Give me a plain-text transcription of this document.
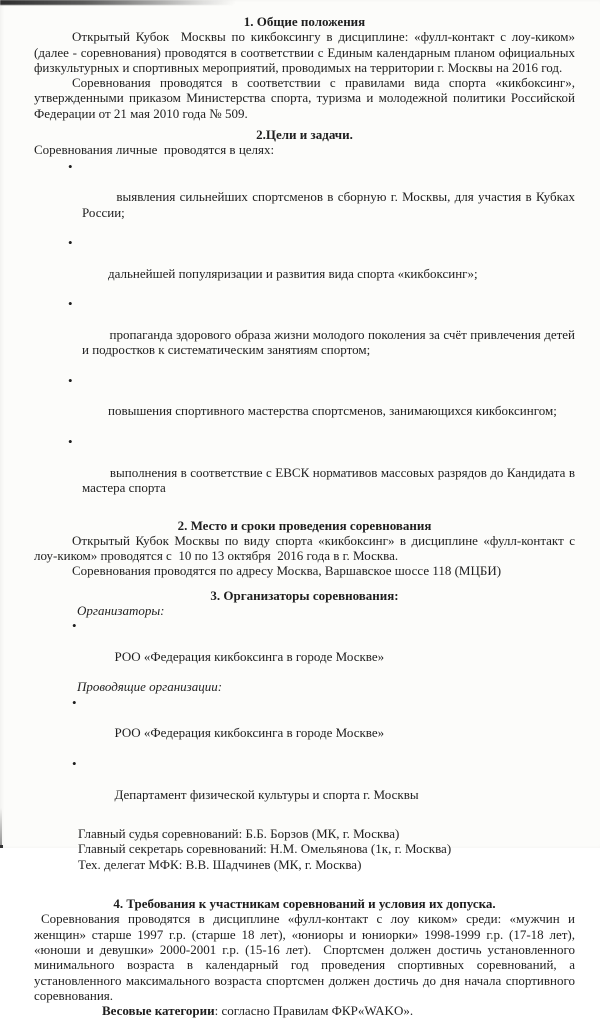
1. Общие положения

Открытый Кубок  Москвы по кикбоксингу в дисциплине: «фулл-контакт с лоу-киком» (далее - соревнования) проводятся в соответствии с Единым календарным планом официальных физкультурных и спортивных мероприятий, проводимых на территории г. Москвы на 2016 год.

Соревнования проводятся в соответствии с правилами вида спорта «кикбоксинг», утвержденными приказом Министерства спорта, туризма и молодежной политики Российской Федерации от 21 мая 2010 года № 509.

2.Цели и задачи.

Соревнования личные  проводятся в целях:

•

выявления сильнейших спортсменов в сборную г. Москвы, для участия в Кубках России;

•

дальнейшей популяризации и развития вида спорта «кикбоксинг»;

•

пропаганда здорового образа жизни молодого поколения за счёт привлечения детей и подростков к систематическим занятиям спортом;

•

повышения спортивного мастерства спортсменов, занимающихся кикбоксингом;

•

выполнения в соответствие с ЕВСК нормативов массовых разрядов до Кандидата в мастера спорта

2. Место и сроки проведения соревнования

Открытый Кубок Москвы по виду спорта «кикбоксинг» в дисциплине «фулл-контакт с лоу-киком» проводятся с  10 по 13 октября  2016 года в г. Москва.

Соревнования проводятся по адресу Москва, Варшавское шоссе 118 (МЦБИ)

3. Организаторы соревнования:

Организаторы:

•

РОО «Федерация кикбоксинга в городе Москве»

Проводящие организации:

•

РОО «Федерация кикбоксинга в городе Москве»

•

Департамент физической культуры и спорта г. Москвы

Главный судья соревнований: Б.Б. Борзов (МК, г. Москва)

Главный секретарь соревнований: Н.М. Омельянова (1к, г. Москва)

Тех. делегат МФК: В.В. Шадчинев (МК, г. Москва)

4. Требования к участникам соревнований и условия их допуска.

Соревнования проводятся в дисциплине «фулл-контакт с лоу киком» среди: «мужчин и женщин» старше 1997 г.р. (старше 18 лет), «юниоры и юниорки» 1998-1999 г.р. (17-18 лет), «юноши и девушки» 2000-2001 г.р. (15-16 лет).  Спортсмен должен достичь установленного минимального возраста в календарный год проведения спортивных соревнований, а установленного максимального возраста спортсмен должен достичь до дня начала спортивного соревнования.

Весовые категории: согласно Правилам ФКР«WAKO».
